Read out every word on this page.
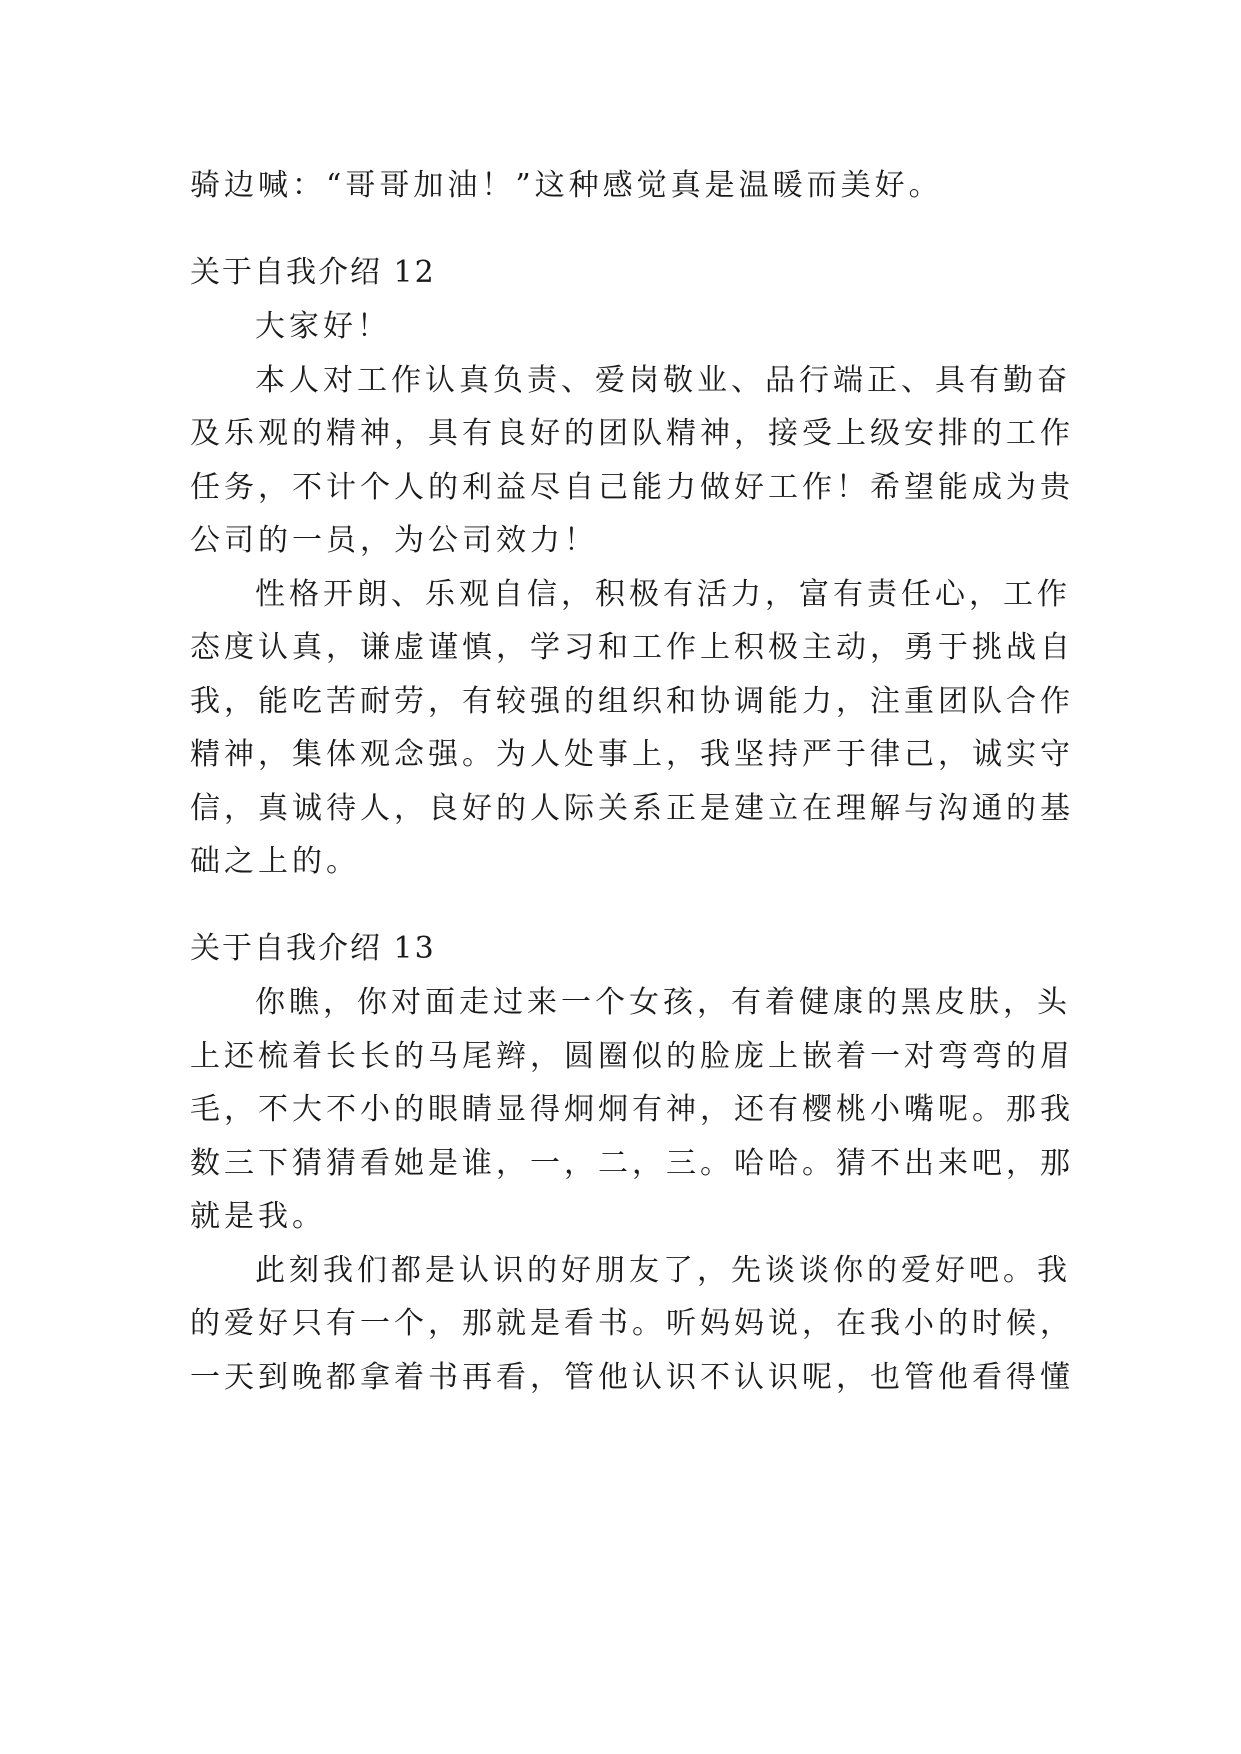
骑边喊：“哥哥加油！”这种感觉真是温暖而美好。
关于自我介绍 12
大家好！
本人对工作认真负责、爱岗敬业、品行端正、具有勤奋
及乐观的精神，具有良好的团队精神，接受上级安排的工作
任务，不计个人的利益尽自己能力做好工作！希望能成为贵
公司的一员，为公司效力！
性格开朗、乐观自信，积极有活力，富有责任心，工作
态度认真，谦虚谨慎，学习和工作上积极主动，勇于挑战自
我，能吃苦耐劳，有较强的组织和协调能力，注重团队合作
精神，集体观念强。为人处事上，我坚持严于律己，诚实守
信，真诚待人，良好的人际关系正是建立在理解与沟通的基
础之上的。
关于自我介绍 13
你瞧，你对面走过来一个女孩，有着健康的黑皮肤，头
上还梳着长长的马尾辫，圆圈似的脸庞上嵌着一对弯弯的眉
毛，不大不小的眼睛显得炯炯有神，还有樱桃小嘴呢。那我
数三下猜猜看她是谁，一，二，三。哈哈。猜不出来吧，那
就是我。
此刻我们都是认识的好朋友了，先谈谈你的爱好吧。我
的爱好只有一个，那就是看书。听妈妈说，在我小的时候，
一天到晚都拿着书再看，管他认识不认识呢，也管他看得懂
